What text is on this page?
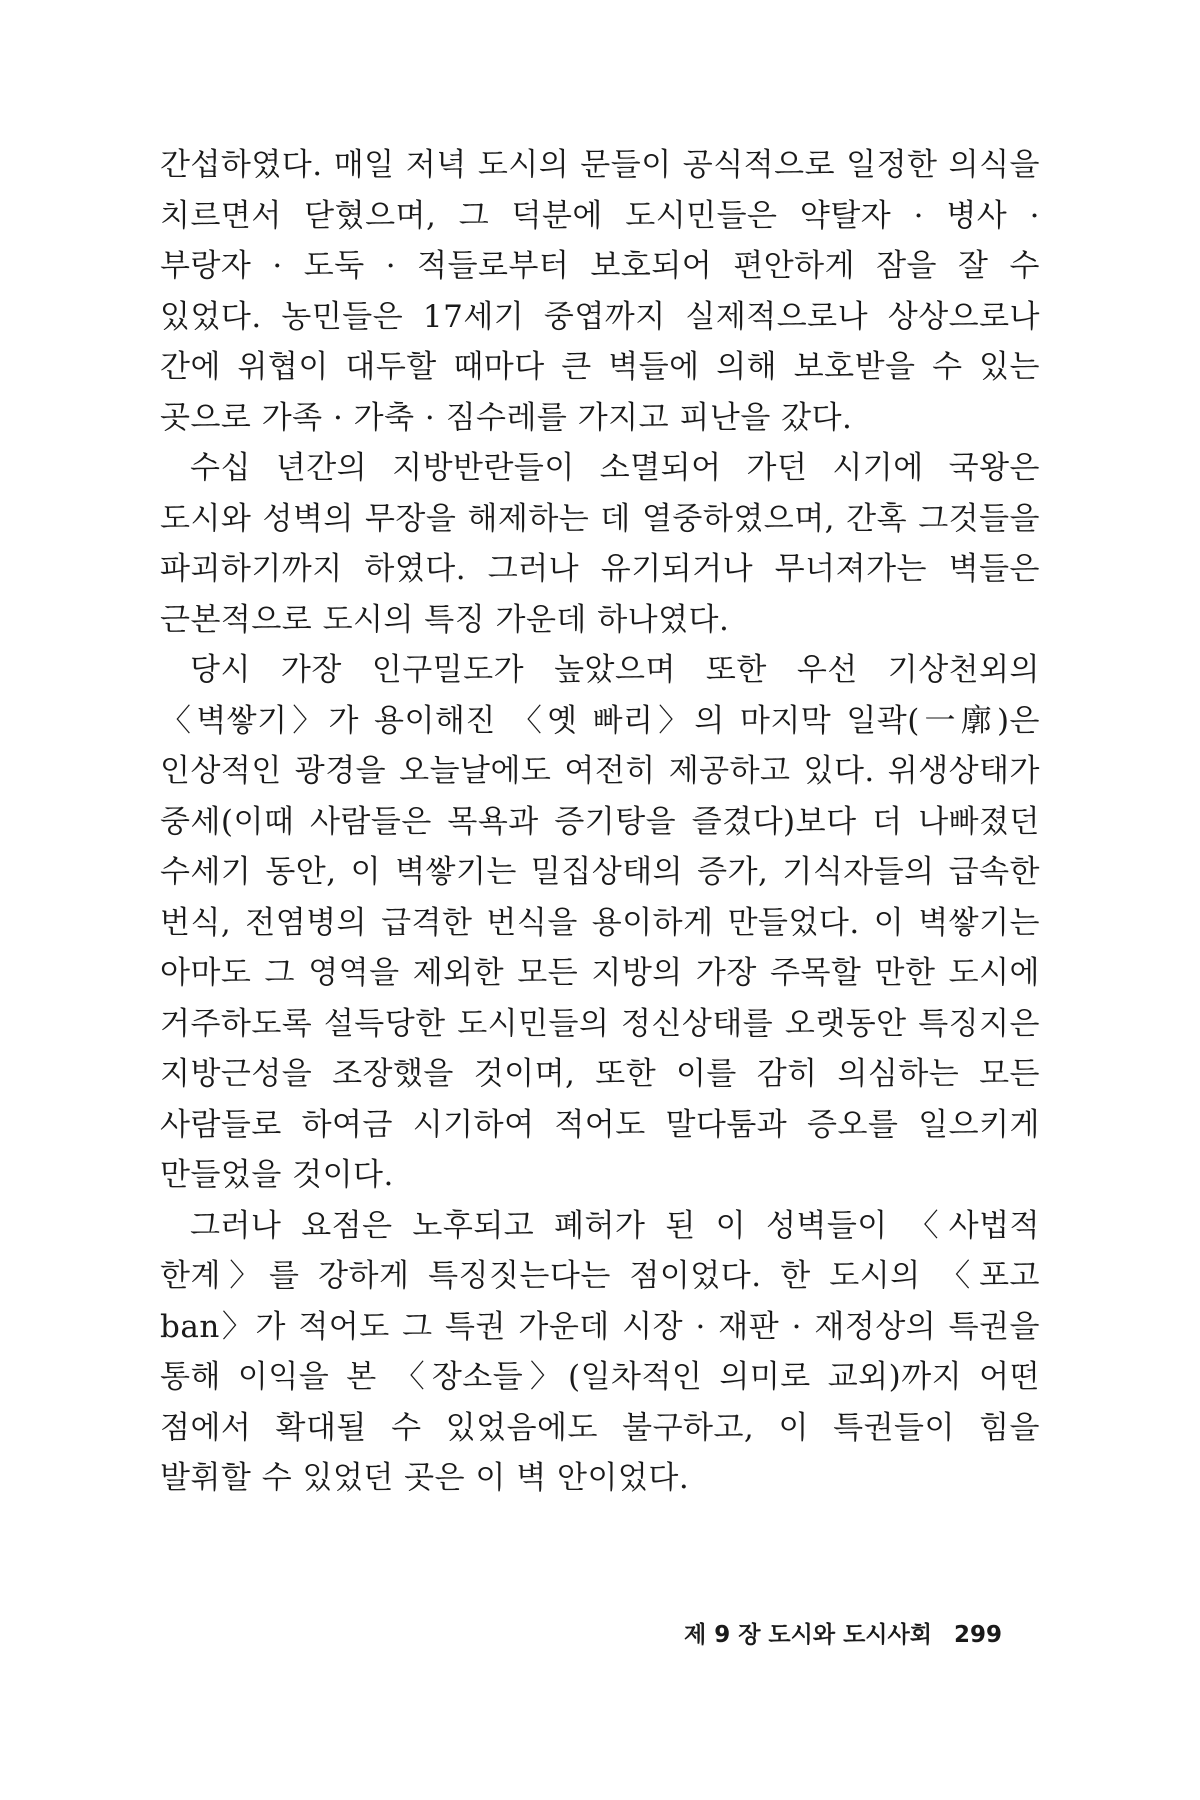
간섭하였다. 매일 저녁 도시의 문들이 공식적으로 일정한 의식을 치르면서 닫혔으며, 그 덕분에 도시민들은 약탈자 · 병사 · 부랑자 · 도둑 · 적들로부터 보호되어 편안하게 잠을 잘 수 있었다. 농민들은 17세기 중엽까지 실제적으로나 상상으로나 간에 위협이 대두할 때마다 큰 벽들에 의해 보호받을 수 있는 곳으로 가족 · 가축 · 짐수레를 가지고 피난을 갔다.

수십 년간의 지방반란들이 소멸되어 가던 시기에 국왕은 도시와 성벽의 무장을 해제하는 데 열중하였으며, 간혹 그것들을 파괴하기까지 하였다. 그러나 유기되거나 무너져가는 벽들은 근본적으로 도시의 특징 가운데 하나였다.

당시 가장 인구밀도가 높았으며 또한 우선 기상천외의 〈벽쌓기〉가 용이해진 〈옛 빠리〉의 마지막 일곽(一廓)은 인상적인 광경을 오늘날에도 여전히 제공하고 있다. 위생상태가 중세(이때 사람들은 목욕과 증기탕을 즐겼다)보다 더 나빠졌던 수세기 동안, 이 벽쌓기는 밀집상태의 증가, 기식자들의 급속한 번식, 전염병의 급격한 번식을 용이하게 만들었다. 이 벽쌓기는 아마도 그 영역을 제외한 모든 지방의 가장 주목할 만한 도시에 거주하도록 설득당한 도시민들의 정신상태를 오랫동안 특징지은 지방근성을 조장했을 것이며, 또한 이를 감히 의심하는 모든 사람들로 하여금 시기하여 적어도 말다툼과 증오를 일으키게 만들었을 것이다.

그러나 요점은 노후되고 폐허가 된 이 성벽들이 〈사법적 한계〉를 강하게 특징짓는다는 점이었다. 한 도시의 〈포고 ban〉가 적어도 그 특권 가운데 시장 · 재판 · 재정상의 특권을 통해 이익을 본 〈장소들〉(일차적인 의미로 교외)까지 어떤 점에서 확대될 수 있었음에도 불구하고, 이 특권들이 힘을 발휘할 수 있었던 곳은 이 벽 안이었다.

제 9 장 도시와 도시사회 299
